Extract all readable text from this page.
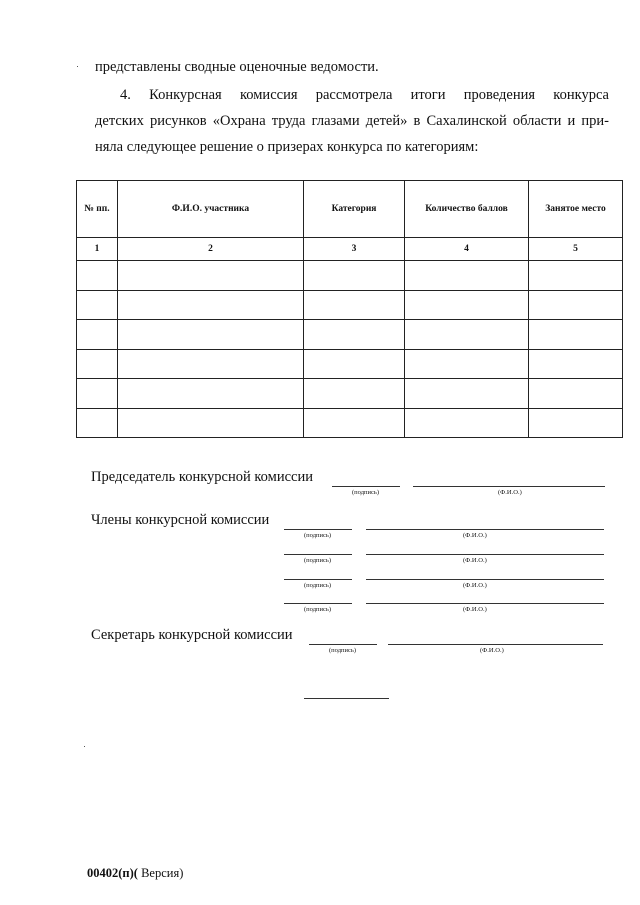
представлены сводные оценочные ведомости.
4. Конкурсная комиссия рассмотрела итоги проведения конкурса
детских рисунков «Охрана труда глазами детей» в Сахалинской области и при-
няла следующее решение о призерах конкурса по категориям:
№ пп.	Ф.И.О. участника	Категория	Количество баллов	Занятое место
1	2	3	4	5

Председатель конкурсной комиссии
(подпись)	(Ф.И.О.)
Члены конкурсной комиссии
(подпись)	(Ф.И.О.)
(подпись)	(Ф.И.О.)
(подпись)	(Ф.И.О.)
(подпись)	(Ф.И.О.)
Секретарь конкурсной комиссии
(подпись)	(Ф.И.О.)
00402(п)( Версия)
